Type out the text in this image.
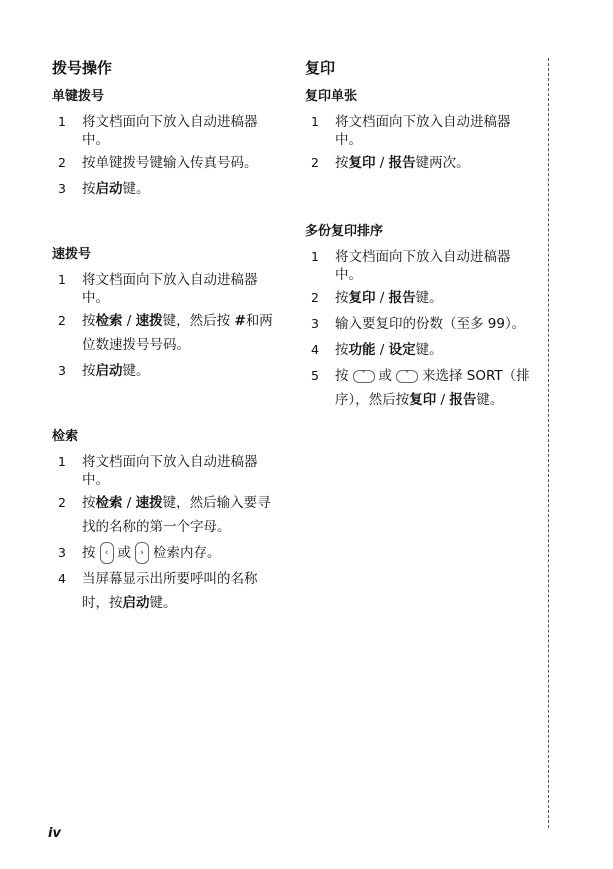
拨号操作
单键拨号
1	将文档面向下放入自动进稿器中。
2	按单键拨号键输入传真号码。
3	按启动键。
速拨号
1	将文档面向下放入自动进稿器中。
2	按检索 / 速拨键，然后按 #和两位数速拨号号码。
3	按启动键。
检索
1	将文档面向下放入自动进稿器中。
2	按检索 / 速拨键，然后输入要寻找的名称的第一个字母。
3	按 ‹ 或 › 检索内存。
4	当屏幕显示出所要呼叫的名称时，按启动键。
复印
复印单张
1	将文档面向下放入自动进稿器中。
2	按复印 / 报告键两次。
多份复印排序
1	将文档面向下放入自动进稿器中。
2	按复印 / 报告键。
3	输入要复印的份数（至多 99）。
4	按功能 / 设定键。
5	按 ˆ 或 ˇ 来选择 SORT（排序），然后按复印 / 报告键。
iv
